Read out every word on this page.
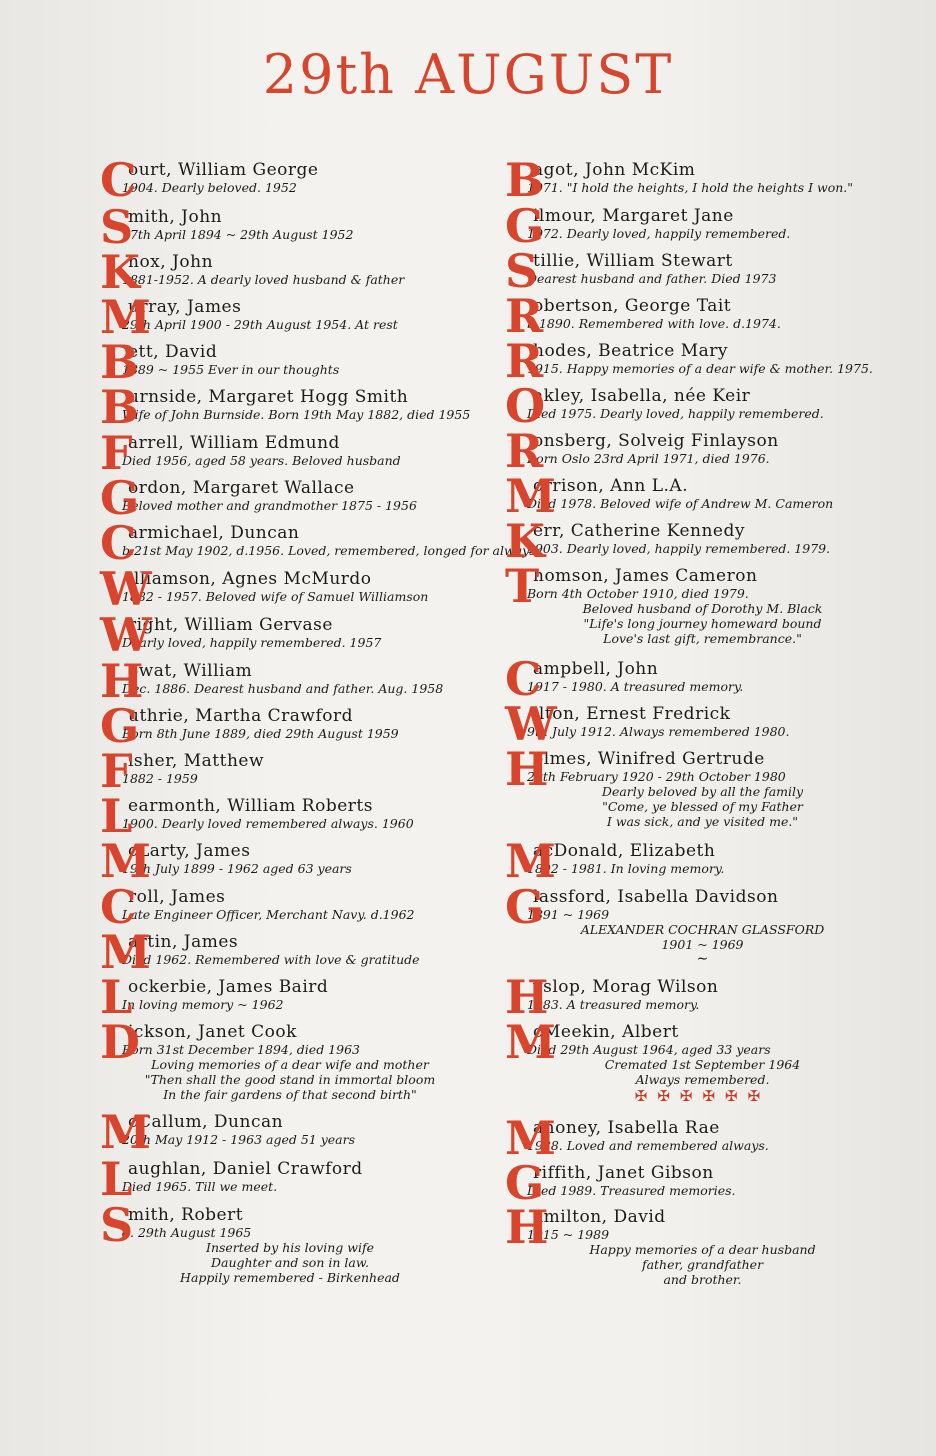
29th AUGUST
C
ourt, William George
1904. Dearly beloved. 1952
S
mith, John
17th April 1894 ~ 29th August 1952
K
nox, John
1881-1952. A dearly loved husband & father
M
urray, James
29th April 1900 - 29th August 1954. At rest
B
ett, David
1889 ~ 1955 Ever in our thoughts
B
urnside, Margaret Hogg Smith
Wife of John Burnside. Born 19th May 1882, died 1955
F
arrell, William Edmund
Died 1956, aged 58 years. Beloved husband
G
ordon, Margaret Wallace
Beloved mother and grandmother 1875 - 1956
C
armichael, Duncan
b.21st May 1902, d.1956. Loved, remembered, longed for always
W
illiamson, Agnes McMurdo
1882 - 1957. Beloved wife of Samuel Williamson
W
right, William Gervase
Dearly loved, happily remembered. 1957
H
owat, William
Dec. 1886. Dearest husband and father. Aug. 1958
G
uthrie, Martha Crawford
Born 8th June 1889, died 29th August 1959
F
isher, Matthew
1882 - 1959
L
earmonth, William Roberts
1900. Dearly loved remembered always. 1960
M
cLarty, James
19th July 1899 - 1962 aged 63 years
C
roll, James
Late Engineer Officer, Merchant Navy. d.1962
M
artin, James
Died 1962. Remembered with love & gratitude
L
ockerbie, James Baird
In loving memory ~ 1962
D
ickson, Janet Cook
Born 31st December 1894, died 1963
Loving memories of a dear wife and mother
"Then shall the good stand in immortal bloom
In the fair gardens of that second birth"
M
cCallum, Duncan
20th May 1912 - 1963 aged 51 years
L
aughlan, Daniel Crawford
Died 1965. Till we meet.
S
mith, Robert
d. 29th August 1965
Inserted by his loving wife
Daughter and son in law.
Happily remembered - Birkenhead
B
agot, John McKim
1971. "I hold the heights, I hold the heights I won."
G
ilmour, Margaret Jane
1972. Dearly loved, happily remembered.
S
tillie, William Stewart
Dearest husband and father. Died 1973
R
obertson, George Tait
b.1890. Remembered with love. d.1974.
R
hodes, Beatrice Mary
1915. Happy memories of a dear wife & mother. 1975.
O
akley, Isabella, née Keir
Died 1975. Dearly loved, happily remembered.
R
onsberg, Solveig Finlayson
Born Oslo 23rd April 1971, died 1976.
M
orrison, Ann L.A.
Died 1978. Beloved wife of Andrew M. Cameron
K
err, Catherine Kennedy
1903. Dearly loved, happily remembered. 1979.
T
homson, James Cameron
Born 4th October 1910, died 1979.
Beloved husband of Dorothy M. Black
"Life's long journey homeward bound
Love's last gift, remembrance."
C
ampbell, John
1917 - 1980. A treasured memory.
W
ilton, Ernest Fredrick
9th July 1912. Always remembered 1980.
H
olmes, Winifred Gertrude
29th February 1920 - 29th October 1980
Dearly beloved by all the family
"Come, ye blessed of my Father
I was sick, and ye visited me."
M
acDonald, Elizabeth
1892 - 1981. In loving memory.
G
lassford, Isabella Davidson
1891 ~ 1969
ALEXANDER COCHRAN GLASSFORD
1901 ~ 1969
∼
H
yslop, Morag Wilson
1983. A treasured memory.
M
cMeekin, Albert
Died 29th August 1964, aged 33 years
Cremated 1st September 1964
Always remembered.
✠✠✠✠✠✠
M
ahoney, Isabella Rae
1988. Loved and remembered always.
G
riffith, Janet Gibson
Died 1989. Treasured memories.
H
amilton, David
1915 ~ 1989
Happy memories of a dear husband
father, grandfather
and brother.
